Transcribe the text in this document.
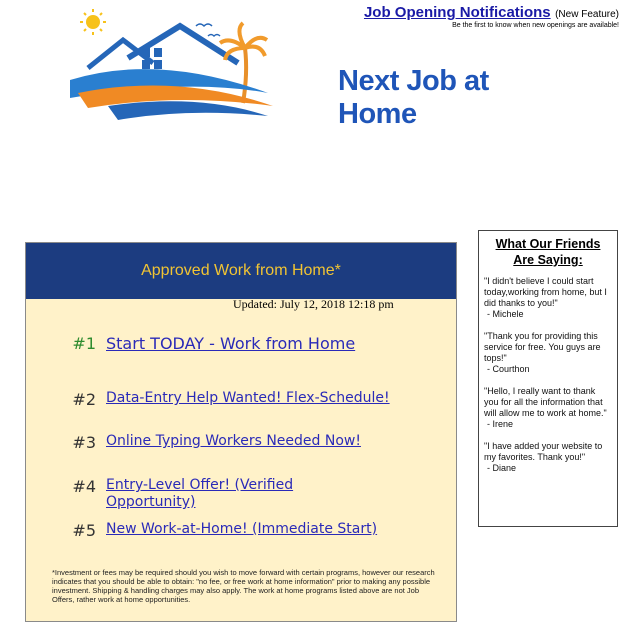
Job Opening Notifications (New Feature)
Be the first to know when new openings are available!
Next Job at Home
Approved Work from Home*
Updated: July 12, 2018 12:18 pm
#1 Start TODAY - Work from Home
#2 Data-Entry Help Wanted! Flex-Schedule!
#3 Online Typing Workers Needed Now!
#4 Entry-Level Offer! (Verified Opportunity)
#5 New Work-at-Home! (Immediate Start)
*Investment or fees may be required should you wish to move forward with certain programs, however our research indicates that you should be able to obtain: "no fee, or free work at home information" prior to making any possible investment. Shipping & handling charges may also apply. The work at home programs listed above are not Job Offers, rather work at home opportunities.
What Our Friends
Are Saying:
"I didn't believe I could start today,working from home, but I did thanks to you!"
- Michele
"Thank you for providing this service for free. You guys are tops!"
- Courthon
"Hello, I really want to thank you for all the information that will allow me to work at home."
- Irene
"I have added your website to my favorites. Thank you!"
- Diane
